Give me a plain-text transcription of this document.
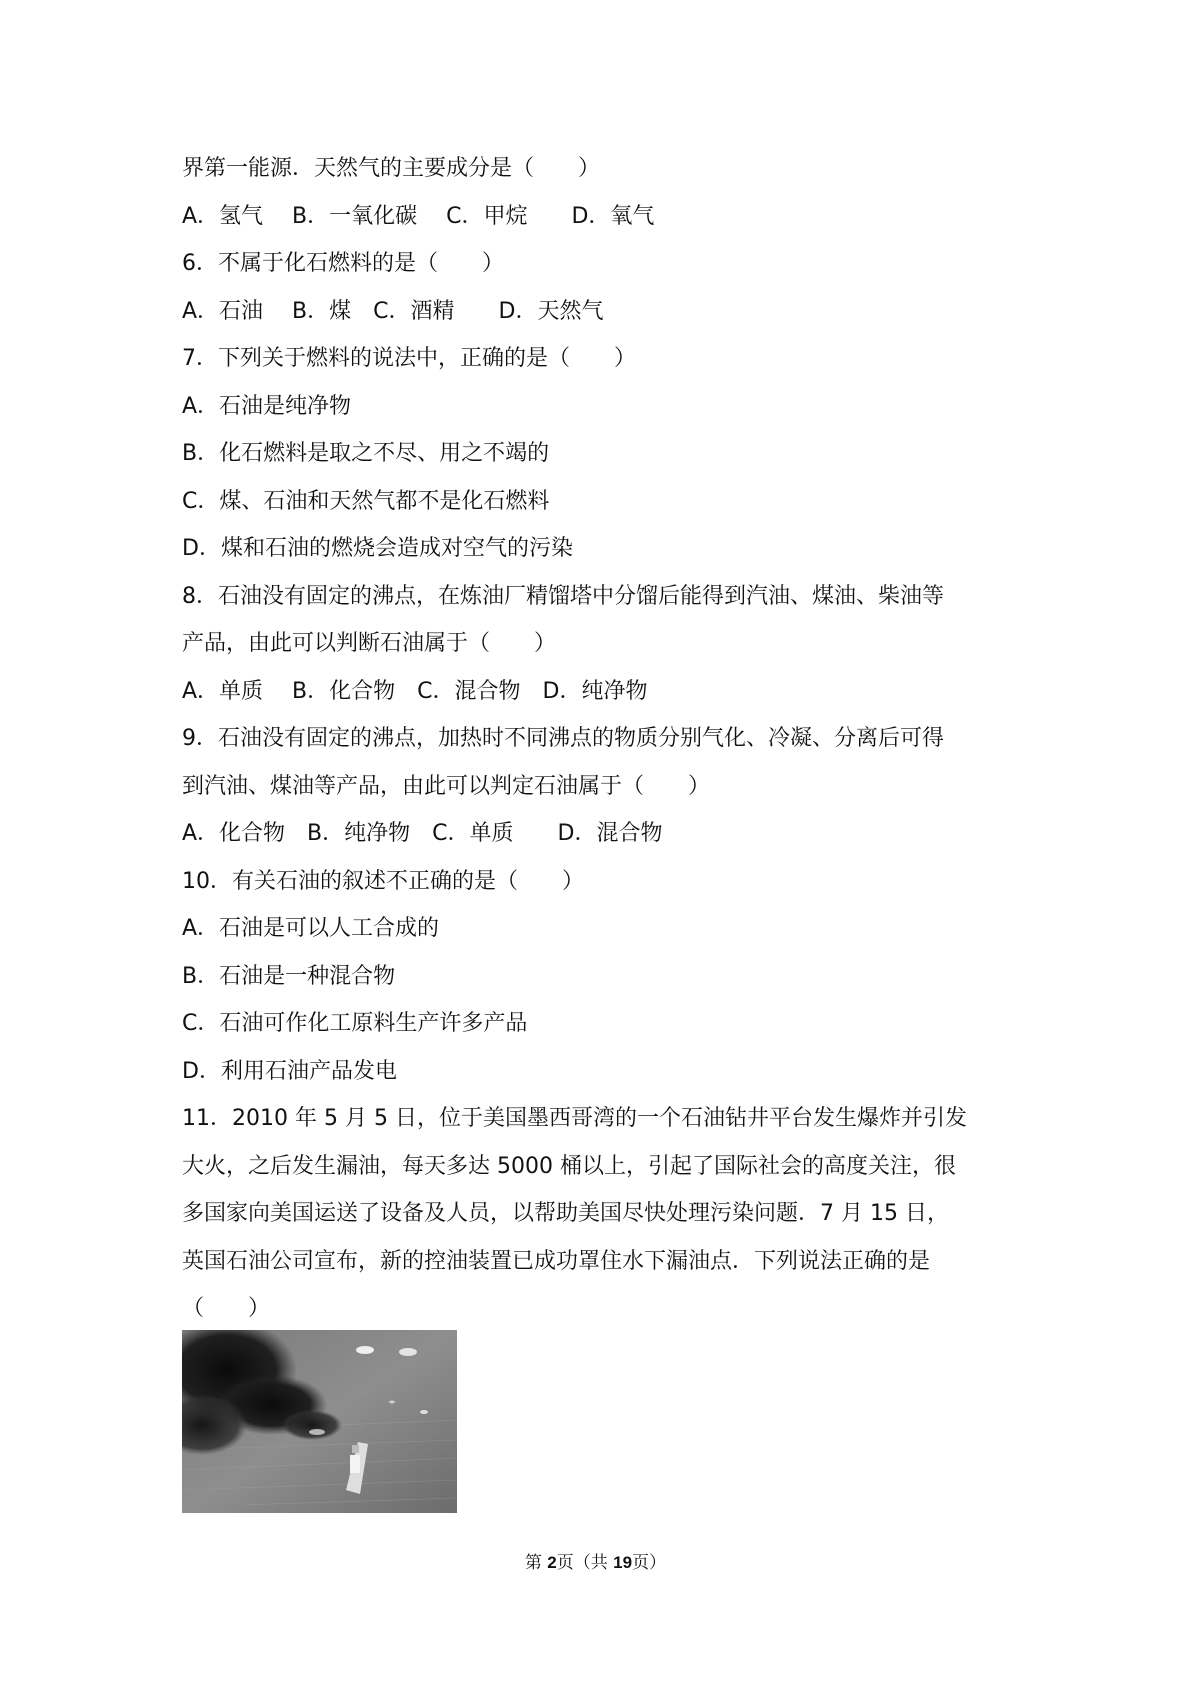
界第一能源．天然气的主要成分是（　　）
A．氢气　 B．一氧化碳　 C．甲烷　　D．氧气
6．不属于化石燃料的是（　　）
A．石油　 B．煤　C．酒精　　D．天然气
7．下列关于燃料的说法中，正确的是（　　）
A．石油是纯净物
B．化石燃料是取之不尽、用之不竭的
C．煤、石油和天然气都不是化石燃料
D．煤和石油的燃烧会造成对空气的污染
8．石油没有固定的沸点，在炼油厂精馏塔中分馏后能得到汽油、煤油、柴油等
产品，由此可以判断石油属于（　　）
A．单质　 B．化合物　C．混合物　D．纯净物
9．石油没有固定的沸点，加热时不同沸点的物质分别气化、冷凝、分离后可得
到汽油、煤油等产品，由此可以判定石油属于（　　）
A．化合物　B．纯净物　C．单质　　D．混合物
10．有关石油的叙述不正确的是（　　）
A．石油是可以人工合成的
B．石油是一种混合物
C．石油可作化工原料生产许多产品
D．利用石油产品发电
11．2010 年 5 月 5 日，位于美国墨西哥湾的一个石油钻井平台发生爆炸并引发
大火，之后发生漏油，每天多达 5000 桶以上，引起了国际社会的高度关注，很
多国家向美国运送了设备及人员，以帮助美国尽快处理污染问题．7 月 15 日，
英国石油公司宣布，新的控油装置已成功罩住水下漏油点．下列说法正确的是
（　　）
第 2页（共 19页）
